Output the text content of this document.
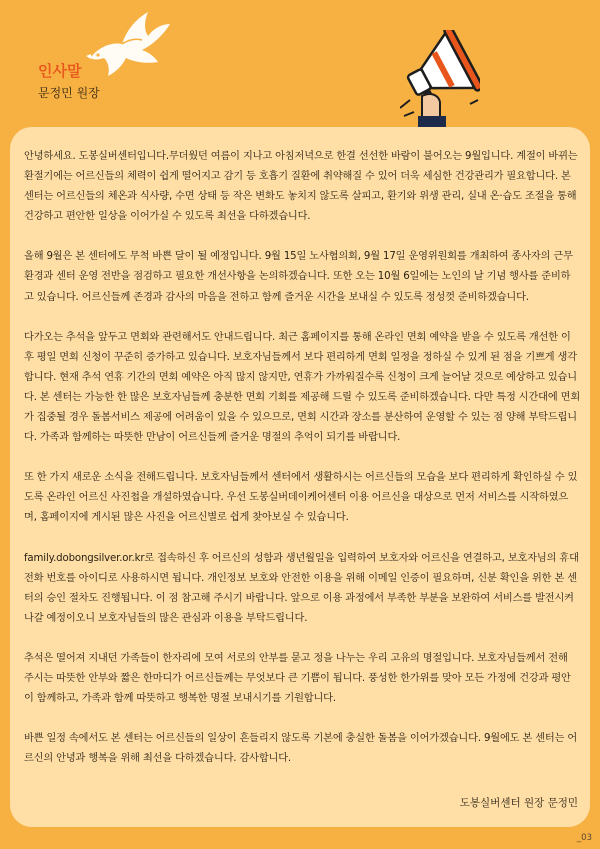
인사말
문정민 원장

안녕하세요. 도봉실버센터입니다.무더웠던 여름이 지나고 아침저녁으로 한결 선선한 바람이 불어오는 9월입니다. 계절이 바뀌는 환절기에는 어르신들의 체력이 쉽게 떨어지고 감기 등 호흡기 질환에 취약해질 수 있어 더욱 세심한 건강관리가 필요합니다. 본 센터는 어르신들의 체온과 식사량, 수면 상태 등 작은 변화도 놓치지 않도록 살피고, 환기와 위생 관리, 실내 온·습도 조절을 통해 건강하고 편안한 일상을 이어가실 수 있도록 최선을 다하겠습니다.

올해 9월은 본 센터에도 무척 바쁜 달이 될 예정입니다. 9월 15일 노사협의회, 9월 17일 운영위원회를 개최하여 종사자의 근무환경과 센터 운영 전반을 점검하고 필요한 개선사항을 논의하겠습니다. 또한 오는 10월 6일에는 노인의 날 기념 행사를 준비하고 있습니다. 어르신들께 존경과 감사의 마음을 전하고 함께 즐거운 시간을 보내실 수 있도록 정성껏 준비하겠습니다.

다가오는 추석을 앞두고 면회와 관련해서도 안내드립니다. 최근 홈페이지를 통해 온라인 면회 예약을 받을 수 있도록 개선한 이후 평일 면회 신청이 꾸준히 증가하고 있습니다. 보호자님들께서 보다 편리하게 면회 일정을 정하실 수 있게 된 점을 기쁘게 생각합니다. 현재 추석 연휴 기간의 면회 예약은 아직 많지 않지만, 연휴가 가까워질수록 신청이 크게 늘어날 것으로 예상하고 있습니다. 본 센터는 가능한 한 많은 보호자님들께 충분한 면회 기회를 제공해 드릴 수 있도록 준비하겠습니다. 다만 특정 시간대에 면회가 집중될 경우 돌봄서비스 제공에 어려움이 있을 수 있으므로, 면회 시간과 장소를 분산하여 운영할 수 있는 점 양해 부탁드립니다. 가족과 함께하는 따뜻한 만남이 어르신들께 즐거운 명절의 추억이 되기를 바랍니다.

또 한 가지 새로운 소식을 전해드립니다. 보호자님들께서 센터에서 생활하시는 어르신들의 모습을 보다 편리하게 확인하실 수 있도록 온라인 어르신 사진첩을 개설하였습니다. 우선 도봉실버데이케어센터 이용 어르신을 대상으로 먼저 서비스를 시작하였으며, 홈페이지에 게시된 많은 사진을 어르신별로 쉽게 찾아보실 수 있습니다.

family.dobongsilver.or.kr로 접속하신 후 어르신의 성함과 생년월일을 입력하여 보호자와 어르신을 연결하고, 보호자님의 휴대전화 번호를 아이디로 사용하시면 됩니다. 개인정보 보호와 안전한 이용을 위해 이메일 인증이 필요하며, 신분 확인을 위한 본 센터의 승인 절차도 진행됩니다. 이 점 참고해 주시기 바랍니다. 앞으로 이용 과정에서 부족한 부분을 보완하여 서비스를 발전시켜 나갈 예정이오니 보호자님들의 많은 관심과 이용을 부탁드립니다.

추석은 떨어져 지내던 가족들이 한자리에 모여 서로의 안부를 묻고 정을 나누는 우리 고유의 명절입니다. 보호자님들께서 전해 주시는 따뜻한 안부와 짧은 한마디가 어르신들께는 무엇보다 큰 기쁨이 됩니다. 풍성한 한가위를 맞아 모든 가정에 건강과 평안이 함께하고, 가족과 함께 따뜻하고 행복한 명절 보내시기를 기원합니다.

바쁜 일정 속에서도 본 센터는 어르신들의 일상이 흔들리지 않도록 기본에 충실한 돌봄을 이어가겠습니다. 9월에도 본 센터는 어르신의 안녕과 행복을 위해 최선을 다하겠습니다. 감사합니다.

도봉실버센터 원장 문정민
_03
